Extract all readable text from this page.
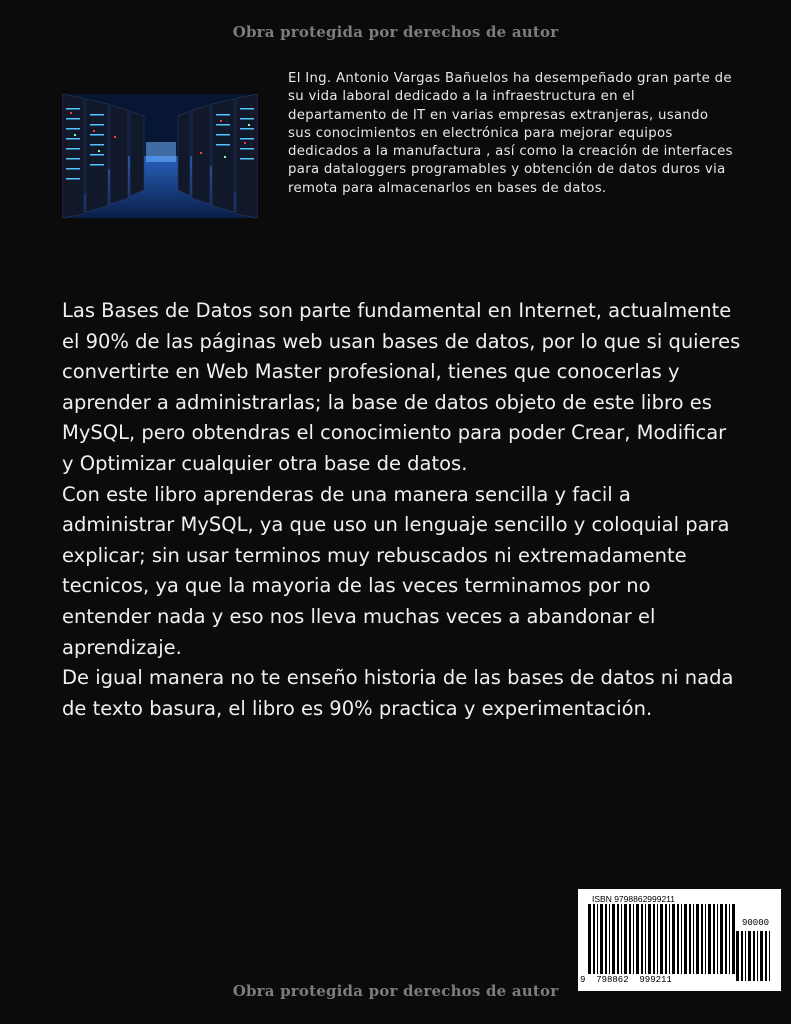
Obra protegida por derechos de autor

El Ing. Antonio Vargas Bañuelos ha desempeñado gran parte de su vida laboral dedicado a la infraestructura en el departamento de IT en varias empresas extranjeras, usando sus conocimientos en electrónica para mejorar equipos dedicados a la manufactura , así como la creación de interfaces para dataloggers programables y obtención de datos duros via remota para almacenarlos en bases de datos.

Las Bases de Datos son parte fundamental en Internet, actualmente el 90% de las páginas web usan bases de datos, por lo que si quieres convertirte en Web Master profesional, tienes que conocerlas y aprender a administrarlas; la base de datos objeto de este libro es MySQL, pero obtendras el conocimiento para poder Crear, Modificar y Optimizar cualquier otra base de datos.

Con este libro aprenderas de una manera sencilla y facil a administrar MySQL, ya que uso un lenguaje sencillo y coloquial para explicar; sin usar terminos muy rebuscados ni extremadamente tecnicos, ya que la mayoria de las veces terminamos por no entender nada y eso nos lleva muchas veces a abandonar el aprendizaje.

De igual manera no te enseño historia de las bases de datos ni nada de texto basura, el libro es 90% practica y experimentación.

ISBN 9798862999211
90000
9  798862  999211
Obra protegida por derechos de autor
